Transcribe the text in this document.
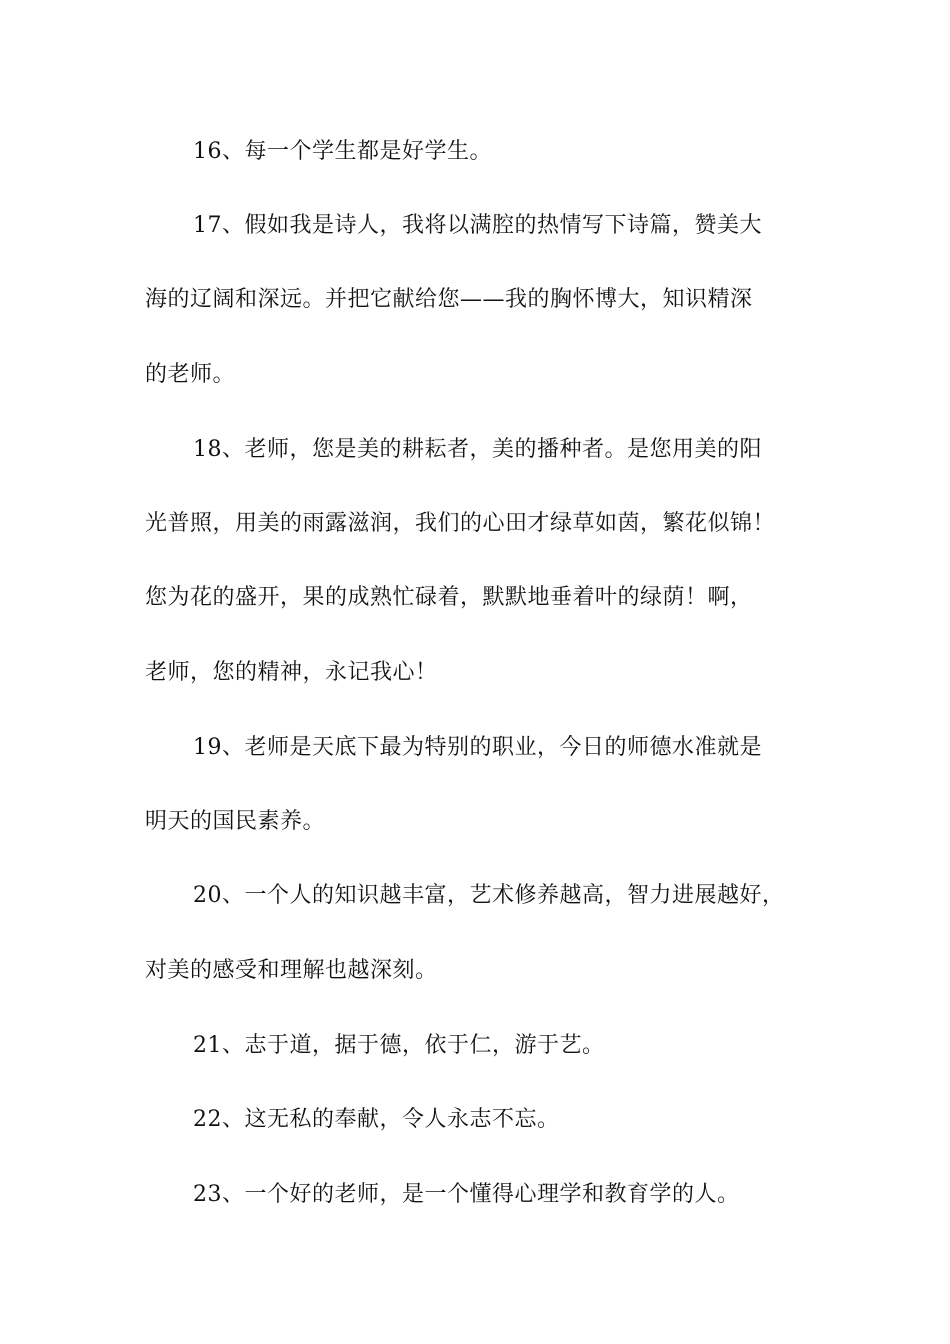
16、每一个学生都是好学生。
17、假如我是诗人，我将以满腔的热情写下诗篇，赞美大
海的辽阔和深远。并把它献给您——我的胸怀博大，知识精深
的老师。
18、老师，您是美的耕耘者，美的播种者。是您用美的阳
光普照，用美的雨露滋润，我们的心田才绿草如茵，繁花似锦！
您为花的盛开，果的成熟忙碌着，默默地垂着叶的绿荫！啊，
老师，您的精神，永记我心！
19、老师是天底下最为特别的职业，今日的师德水准就是
明天的国民素养。
20、一个人的知识越丰富，艺术修养越高，智力进展越好，
对美的感受和理解也越深刻。
21、志于道，据于德，依于仁，游于艺。
22、这无私的奉献，令人永志不忘。
23、一个好的老师，是一个懂得心理学和教育学的人。
